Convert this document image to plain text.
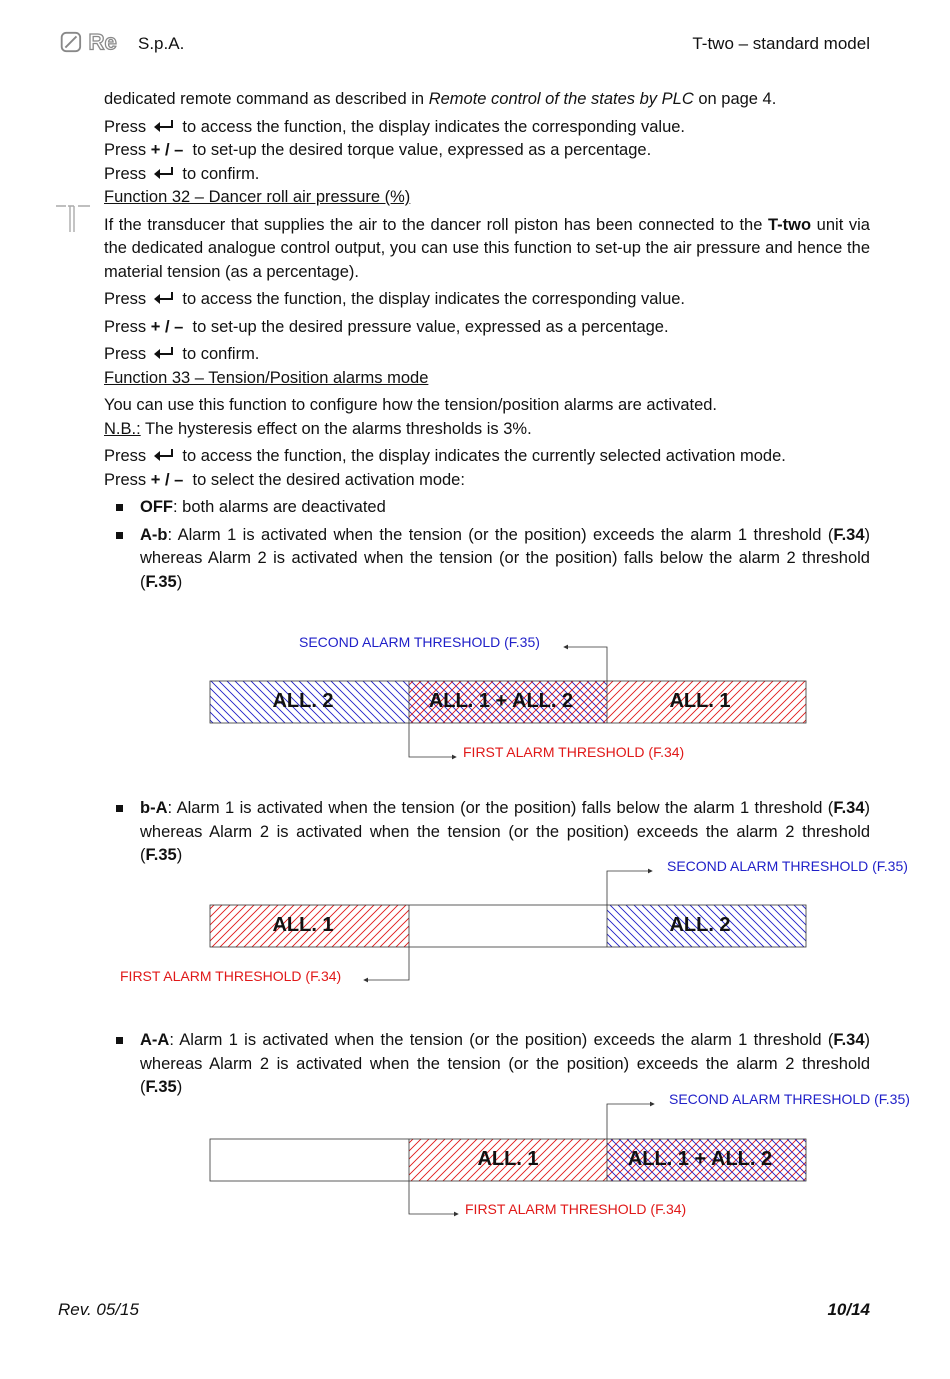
Re S.p.A.	T-two – standard model

dedicated remote command as described in Remote control of the states by PLC on page 4.

Press to access the function, the display indicates the corresponding value.

Press + / – to set-up the desired torque value, expressed as a percentage.

Press to confirm.

Function 32 – Dancer roll air pressure (%)

If the transducer that supplies the air to the dancer roll piston has been connected to the T-two unit via the dedicated analogue control output, you can use this function to set-up the air pressure and hence the material tension (as a percentage).

Press to access the function, the display indicates the corresponding value.

Press + / – to set-up the desired pressure value, expressed as a percentage.

Press to confirm.

Function 33 – Tension/Position alarms mode

You can use this function to configure how the tension/position alarms are activated.

N.B.: The hysteresis effect on the alarms thresholds is 3%.

Press to access the function, the display indicates the currently selected activation mode.

Press + / – to select the desired activation mode:

OFF: both alarms are deactivated

A-b: Alarm 1 is activated when the tension (or the position) exceeds the alarm 1 threshold (F.34) whereas Alarm 2 is activated when the tension (or the position) falls below the alarm 2 threshold (F.35)

SECOND ALARM THRESHOLD (F.35)
FIRST ALARM THRESHOLD (F.34)
ALL. 2	ALL. 1 + ALL. 2	ALL. 1

b-A: Alarm 1 is activated when the tension (or the position) falls below the alarm 1 threshold (F.34) whereas Alarm 2 is activated when the tension (or the position) exceeds the alarm 2 threshold (F.35)

SECOND ALARM THRESHOLD (F.35)
FIRST ALARM THRESHOLD (F.34)
ALL. 1	ALL. 2

A-A: Alarm 1 is activated when the tension (or the position) exceeds the alarm 1 threshold (F.34) whereas Alarm 2 is activated when the tension (or the position) exceeds the alarm 2 threshold (F.35)

SECOND ALARM THRESHOLD (F.35)
FIRST ALARM THRESHOLD (F.34)
ALL. 1	ALL. 1 + ALL. 2
Rev. 05/15	10/14
